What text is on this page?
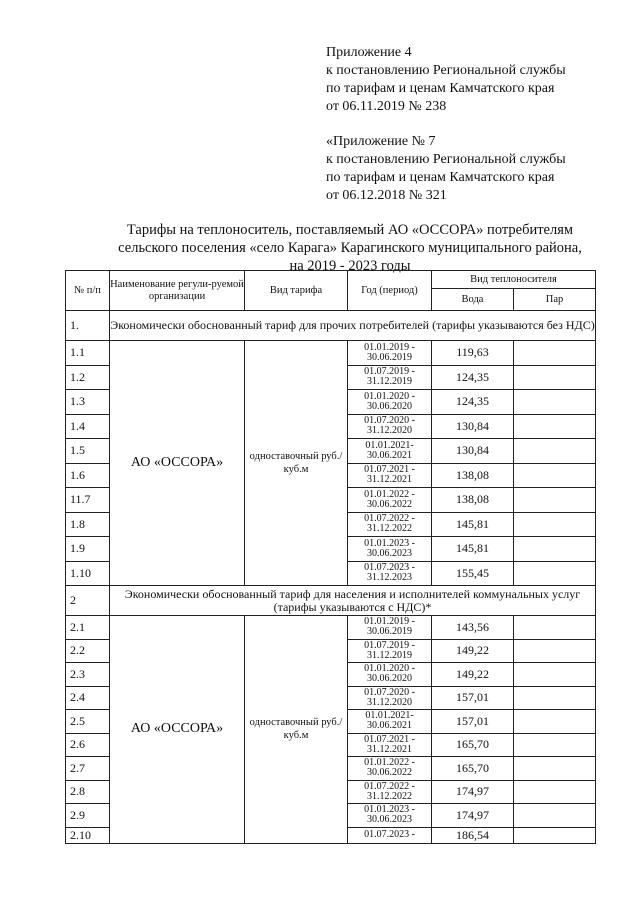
Приложение 4
к постановлению Региональной службы
по тарифам и ценам Камчатского края
от 06.11.2019 № 238
«Приложение № 7
к постановлению Региональной службы
по тарифам и ценам Камчатского края
от 06.12.2018 № 321
Тарифы на теплоноситель, поставляемый АО «ОССОРА» потребителям
сельского поселения «село Карага» Карагинского муниципального района,
на 2019 - 2023 годы
№ п/п	Наименование регули-руемой организации	Вид тарифа	Год (период)	Вид теплоносителя	
				Вода	Пар
1.	Экономически обоснованный тариф для прочих потребителей (тарифы указываются без НДС)				
1.1	АО «ОССОРА»	одноставочный руб./куб.м	01.01.2019 - 30.06.2019	119,63	
1.2			01.07.2019 - 31.12.2019	124,35	
1.3			01.01.2020 - 30.06.2020	124,35	
1.4			01.07.2020 - 31.12.2020	130,84	
1.5			01.01.2021- 30.06.2021	130,84	
1.6			01.07.2021 - 31.12.2021	138,08	
11.7			01.01.2022 - 30.06.2022	138,08	
1.8			01.07.2022 - 31.12.2022	145,81	
1.9			01.01.2023 - 30.06.2023	145,81	
1.10			01.07.2023 - 31.12.2023	155,45	
2	Экономически обоснованный тариф для населения и исполнителей коммунальных услуг (тарифы указываются с НДС)*				
2.1	АО «ОССОРА»	одноставочный руб./куб.м	01.01.2019 - 30.06.2019	143,56	
2.2			01.07.2019 - 31.12.2019	149,22	
2.3			01.01.2020 - 30.06.2020	149,22	
2.4			01.07.2020 - 31.12.2020	157,01	
2.5			01.01.2021- 30.06.2021	157,01	
2.6			01.07.2021 - 31.12.2021	165,70	
2.7			01.01.2022 - 30.06.2022	165,70	
2.8			01.07.2022 - 31.12.2022	174,97	
2.9			01.01.2023 - 30.06.2023	174,97	
2.10			01.07.2023 -	186,54	
